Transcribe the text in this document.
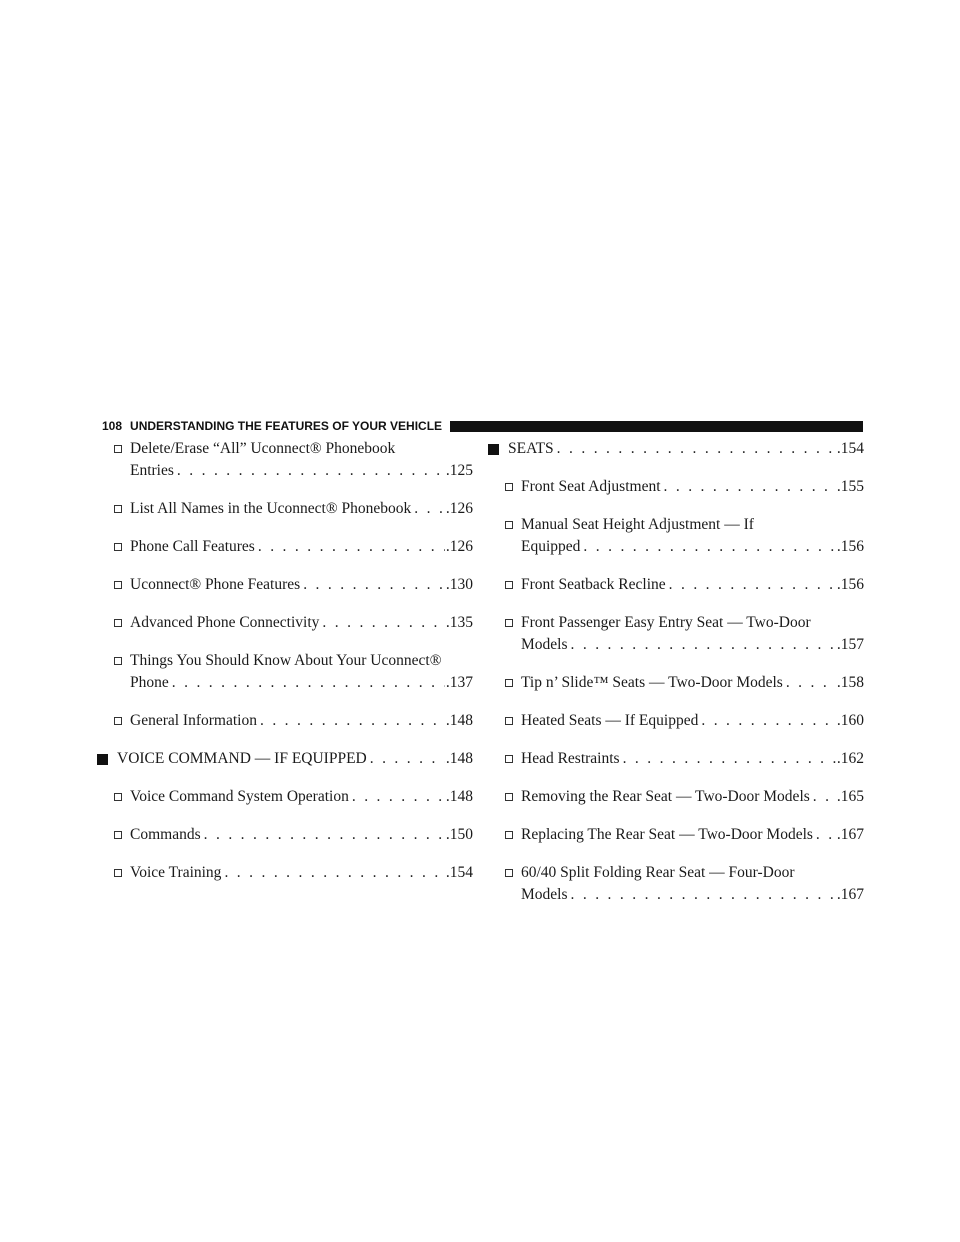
108 UNDERSTANDING THE FEATURES OF YOUR VEHICLE
Delete/Erase “All” Uconnect® Phonebook
Entries . . .	.125
List All Names in the Uconnect® Phonebook . . . .126
Phone Call Features . . .	.126
Uconnect® Phone Features . . .	.130
Advanced Phone Connectivity . . .	.135
Things You Should Know About Your Uconnect®
Phone . . .	.137
General Information . . .	.148
VOICE COMMAND — IF EQUIPPED . . .	.148
Voice Command System Operation . . .	.148
Commands . . .	.150
Voice Training . . .	.154
SEATS . . .	.154
Front Seat Adjustment . . .	.155
Manual Seat Height Adjustment — If
Equipped . . .	.156
Front Seatback Recline . . .	.156
Front Passenger Easy Entry Seat — Two-Door
Models . . .	.157
Tip n’ Slide™ Seats — Two-Door Models . . .	.158
Heated Seats — If Equipped . . .	.160
Head Restraints . . .	.162
Removing the Rear Seat — Two-Door Models . . . .165
Replacing The Rear Seat — Two-Door Models . . . .167
60/40 Split Folding Rear Seat — Four-Door
Models . . .	.167
